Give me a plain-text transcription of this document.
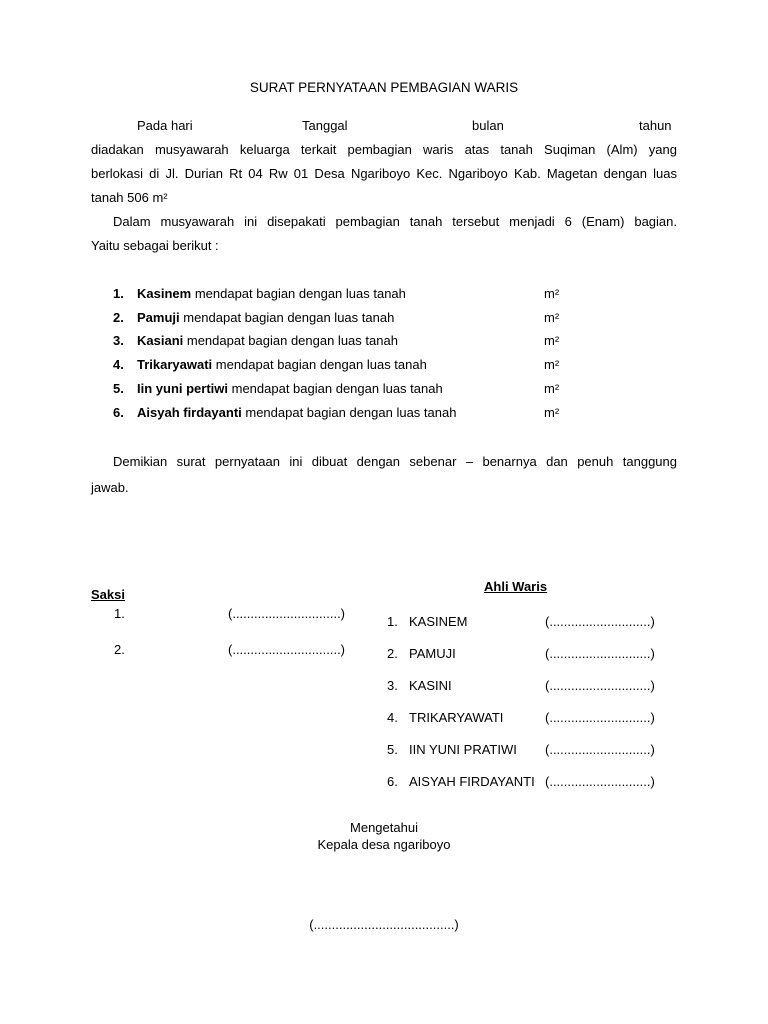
SURAT PERNYATAAN PEMBAGIAN WARIS
Pada hari	Tanggal	bulan	tahun
diadakan musyawarah keluarga terkait pembagian waris atas tanah Suqiman (Alm) yang
berlokasi di Jl. Durian Rt 04 Rw 01 Desa Ngariboyo Kec. Ngariboyo Kab. Magetan dengan luas
tanah 506 m²
Dalam musyawarah ini disepakati pembagian tanah tersebut menjadi 6 (Enam) bagian.
Yaitu sebagai berikut :
1. Kasinem mendapat bagian dengan luas tanah	m²
2. Pamuji mendapat bagian dengan luas tanah	m²
3. Kasiani mendapat bagian dengan luas tanah	m²
4. Trikaryawati mendapat bagian dengan luas tanah	m²
5. Iin yuni pertiwi mendapat bagian dengan luas tanah	m²
6. Aisyah firdayanti mendapat bagian dengan luas tanah	m²
Demikian surat pernyataan ini dibuat dengan sebenar – benarnya dan penuh tanggung
jawab.
Saksi
1.	(..............................)
2.	(..............................)
Ahli Waris
1. KASINEM	(............................)
2. PAMUJI	(............................)
3. KASINI	(............................)
4. TRIKARYAWATI	(............................)
5. IIN YUNI PRATIWI (............................)
6. AISYAH FIRDAYANTI (............................)
Mengetahui
Kepala desa ngariboyo
(.......................................)
